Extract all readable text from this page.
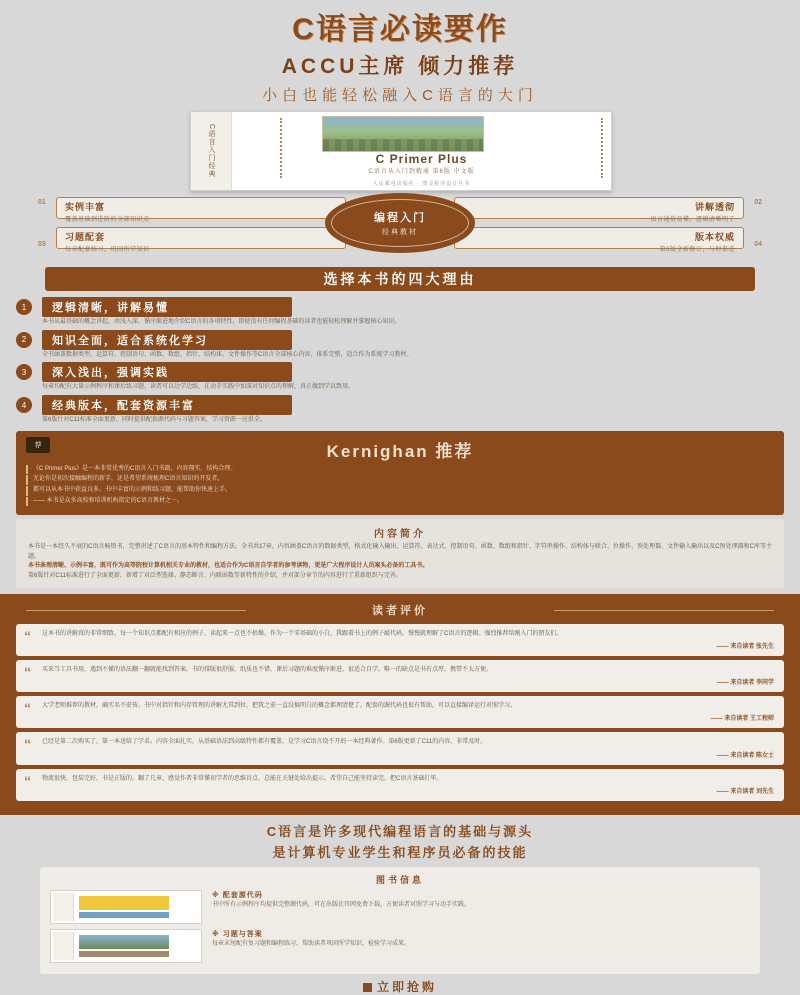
C语言必读要作
ACCU主席 倾力推荐
小白也能轻松融入C语言的大门
C语言入门经典	C Primer Plus
C语言从入门到精通 第6版 中文版
人民邮电出版社 · 图灵程序设计丛书
01 实例丰富
覆盖基础到进阶的全部知识点
02
讲解透彻
语言通俗易懂，逻辑清晰明了
03
习题配套
每章配套练习，巩固所学知识
04
版本权威
第6版全新修订，与时俱进
编程入门
经典教材
选择本书的四大理由
1	逻辑清晰，讲解易懂
本书从最基础的概念讲起，由浅入深、循序渐进地介绍C语言的各项特性，即使没有任何编程基础的读者也能轻松理解并掌握核心知识。
2	知识全面，适合系统化学习
全书涵盖数据类型、运算符、控制语句、函数、数组、指针、结构体、文件操作等C语言全部核心内容，体系完整，适合作为系统学习教材。
3	深入浅出，强调实践
每章均配有大量示例程序和课后练习题，读者可以边学边练，在动手实践中加深对知识点的理解，真正做到学以致用。
4	经典版本，配套资源丰富
第6版针对C11标准全面更新，同时提供配套源代码与习题答案，学习资源一应俱全。
荐	Kernighan 推荐
《C Primer Plus》是一本非常优秀的C语言入门书籍，内容翔实、结构合理。
无论你是初次接触编程的新手，还是希望系统梳理C语言知识的开发者，
都可以从本书中获益良多。书中丰富的示例和练习题，能帮助你快速上手。
—— 本书是众多高校和培训机构指定的C语言教材之一。
内容简介
本书是一本经久不衰的C语言畅销书，完整讲述了C语言的基本特性和编程方法。全书共17章，内容涵盖C语言的数据类型、格式化输入输出、运算符、表达式、控制语句、函数、数组和指针、字符串操作、结构体与联合、位操作、预处理器、文件输入输出以及C预处理器和C库等主题。
本书条理清晰、示例丰富，既可作为高等院校计算机相关专业的教材，也适合作为C语言自学者的参考读物，更是广大程序设计人员案头必备的工具书。
第6版针对C11标准进行了全面更新，新增了对泛型选择、静态断言、内联函数等新特性的介绍，并对部分章节的内容进行了重新组织与完善。
读者评价
“ 这本书的讲解真的非常细致，每一个知识点都配有相应的例子，读起来一点也不枯燥。作为一个零基础的小白，我跟着书上的例子敲代码，慢慢就理解了C语言的逻辑。强烈推荐给刚入门的朋友们。
—— 来自读者 张先生
“ 买来当工具书用，遇到不懂的语法翻一翻就能找到答案。书的排版很舒服，纸质也不错，课后习题的难度循序渐进，很适合自学。唯一的缺点是书有点厚，携带不太方便。
—— 来自读者 李同学
“ 大学老师推荐的教材，确实名不虚传。书中对指针和内存管理的讲解尤其到位，把我之前一直没搞明白的概念都理清楚了。配套的源代码也很有帮助，可以直接编译运行对照学习。
—— 来自读者 王工程师
“ 已经是第二次购买了，第一本送给了学弟。内容全面扎实，从基础语法到高级特性都有覆盖，是学习C语言绕不开的一本经典著作。第6版更新了C11的内容，非常及时。
—— 来自读者 陈女士
“ 物流很快，包装完好，书是正版的。翻了几章，感觉作者非常懂初学者的思维盲点，总能在关键处给出提示。希望自己能坚持读完，把C语言基础打牢。
—— 来自读者 刘先生
C语言是许多现代编程语言的基础与源头
是计算机专业学生和程序员必备的技能
图书信息
※ 配套源代码
书中所有示例程序均提供完整源代码，可在出版社官网免费下载，方便读者对照学习与动手实践。
※ 习题与答案
每章末尾配有复习题和编程练习，帮助读者巩固所学知识，检验学习成果。
立即抢购
